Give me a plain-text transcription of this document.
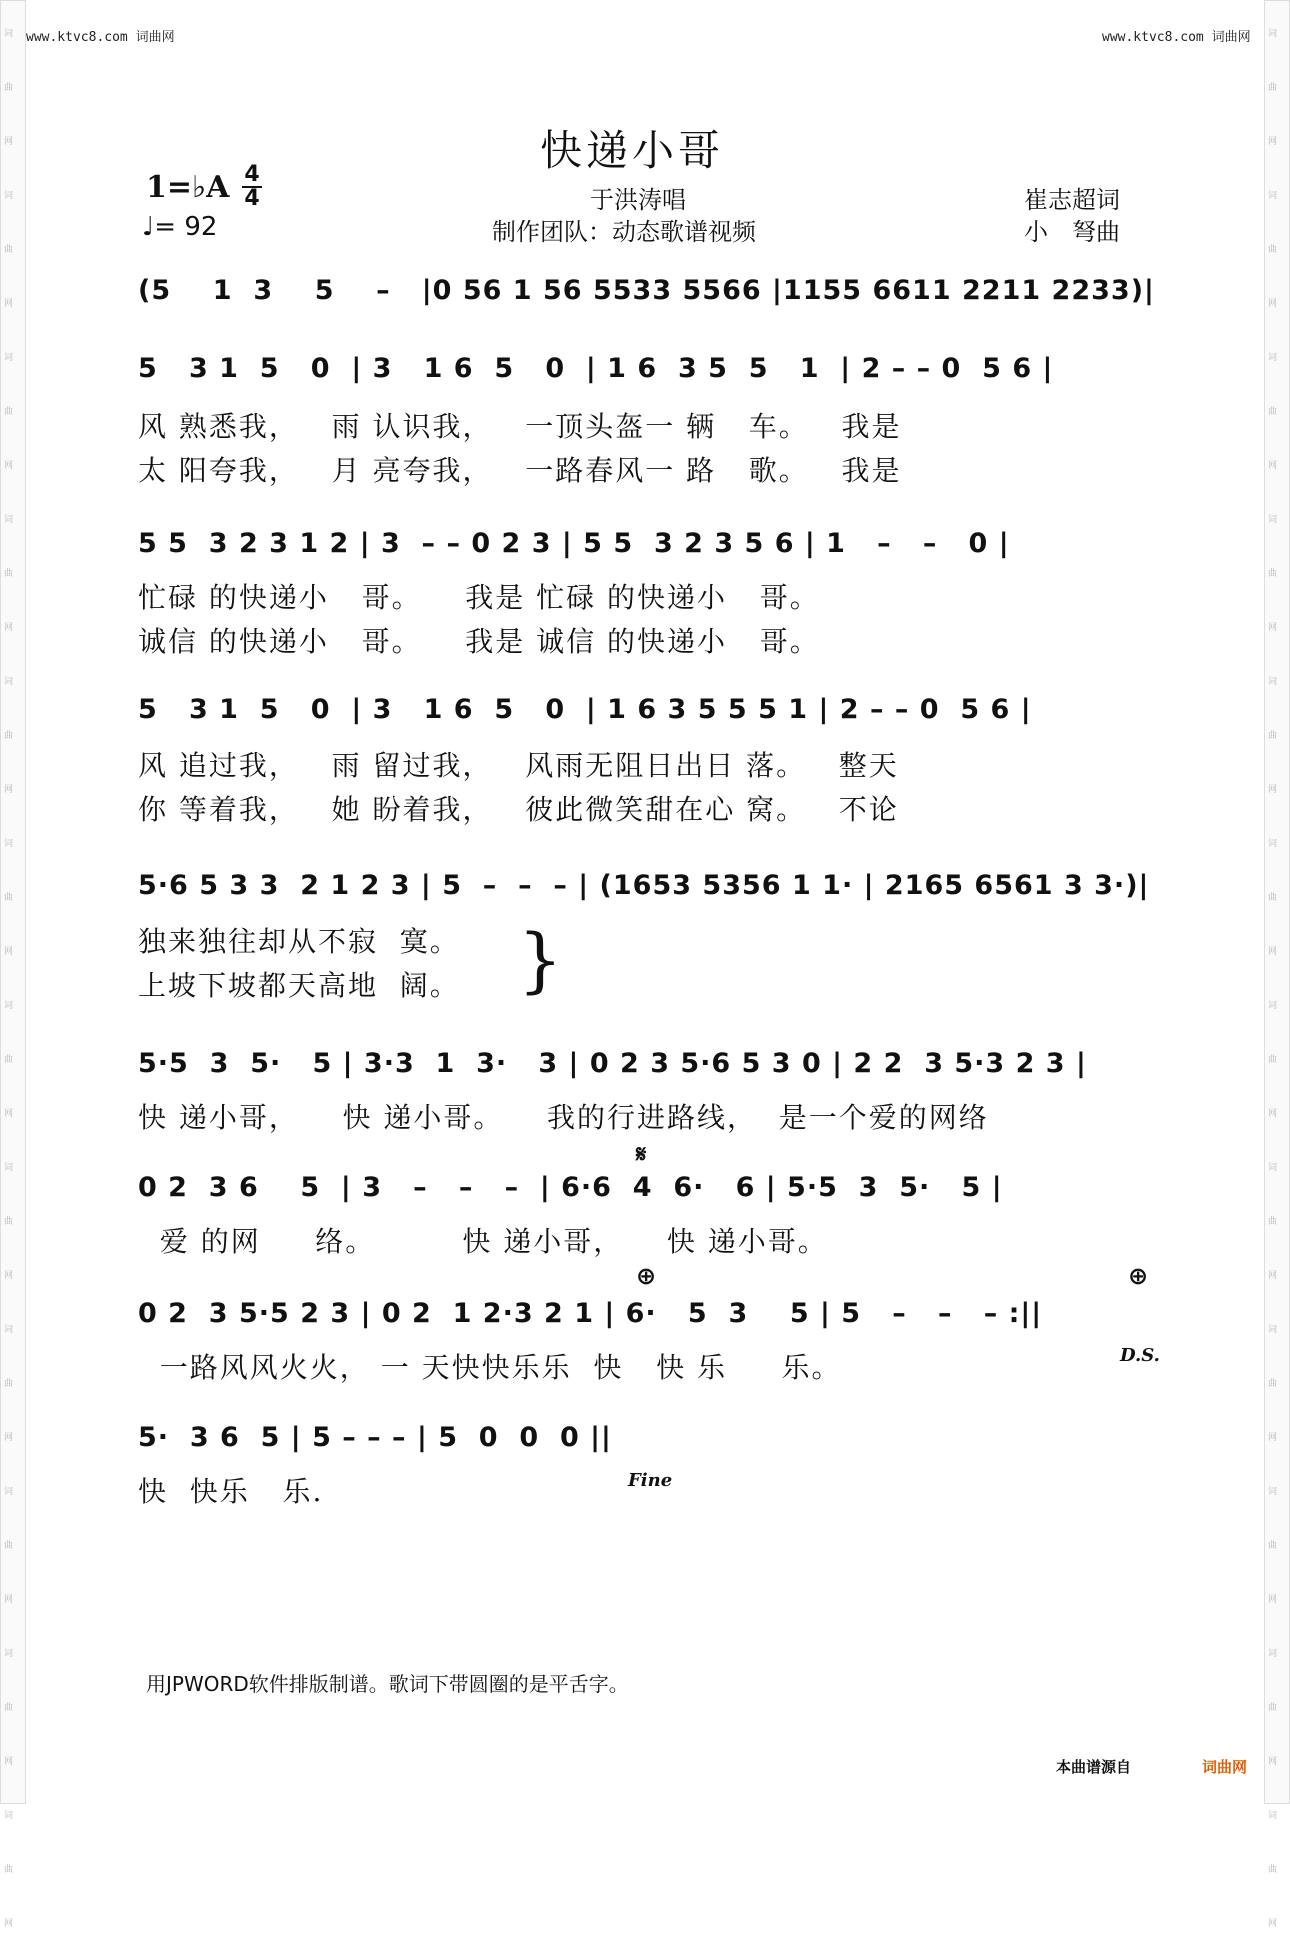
词
曲
网
词
曲
网
词
曲
网
词
曲
网
词
曲
网
词
曲
网
词
曲
网
词
曲
网
词
曲
网
词
曲
网
词
曲
网
词
曲
网
词
曲
网
词
曲
网
词
曲
网
词
曲
网
词
曲
网
词
曲
网
词
曲
网
词
曲
网
词
曲
网
词
曲
网
词
曲
网
词
曲
网
www.ktvc8.com 词曲网	www.ktvc8.com 词曲网
快递小哥
于洪涛唱
制作团队：动态歌谱视频
崔志超词
小　弩曲
1=♭A 4
4
♩= 92
(5    1  3    5    –   |0 56 1 56 5533 5566 |1155 6611 2211 2233)|
5   3 1  5   0  | 3   1 6  5   0  | 1 6  3 5  5   1  | 2 – – 0  5 6 |
风 熟悉我，   雨 认识我，   一顶头盔一 辆   车。   我是
太 阳夸我，   月 亮夸我，   一路春风一 路   歌。   我是
5 5  3 2 3 1 2 | 3  – – 0 2 3 | 5 5  3 2 3 5 6 | 1   –   –   0 |
忙碌 的快递小   哥。    我是 忙碌 的快递小   哥。
诚信 的快递小   哥。    我是 诚信 的快递小   哥。
5   3 1  5   0  | 3   1 6  5   0  | 1 6 3 5 5 5 1 | 2 – – 0  5 6 |
风 追过我，   雨 留过我，   风雨无阻日出日 落。   整天
你 等着我，   她 盼着我，   彼此微笑甜在心 窝。   不论
5·6 5 3 3  2 1 2 3 | 5  –  –  – | (1653 5356 1 1· | 2165 6561 3 3·)|
独来独往却从不寂  寞。
上坡下坡都天高地  阔。 }
5·5  3  5·   5 | 3·3  1  3·   3 | 0 2 3 5·6 5 3 0 | 2 2  3 5·3 2 3 |
快 递小哥，    快 递小哥。    我的行进路线，  是一个爱的网络
0 2  3 6    5  | 3   –   –   –  | 6·6  4  6·   6 | 5·5  3  5·   5 |
爱 的网     络。        快 递小哥，    快 递小哥。
0 2  3 5·5 2 3 | 0 2  1 2·3 2 1 | 6·   5  3    5 | 5   –   –   – :||
一路风风火火， 一 天快快乐乐  快   快 乐     乐。
5·  3 6  5 | 5 – – – | 5  0  0  0 ||
快  快乐   乐.
𝄋
⊕	⊕
D.S.
Fine
用JPWORD软件排版制谱。歌词下带圆圈的是平舌字。
本曲谱源自	词曲网
